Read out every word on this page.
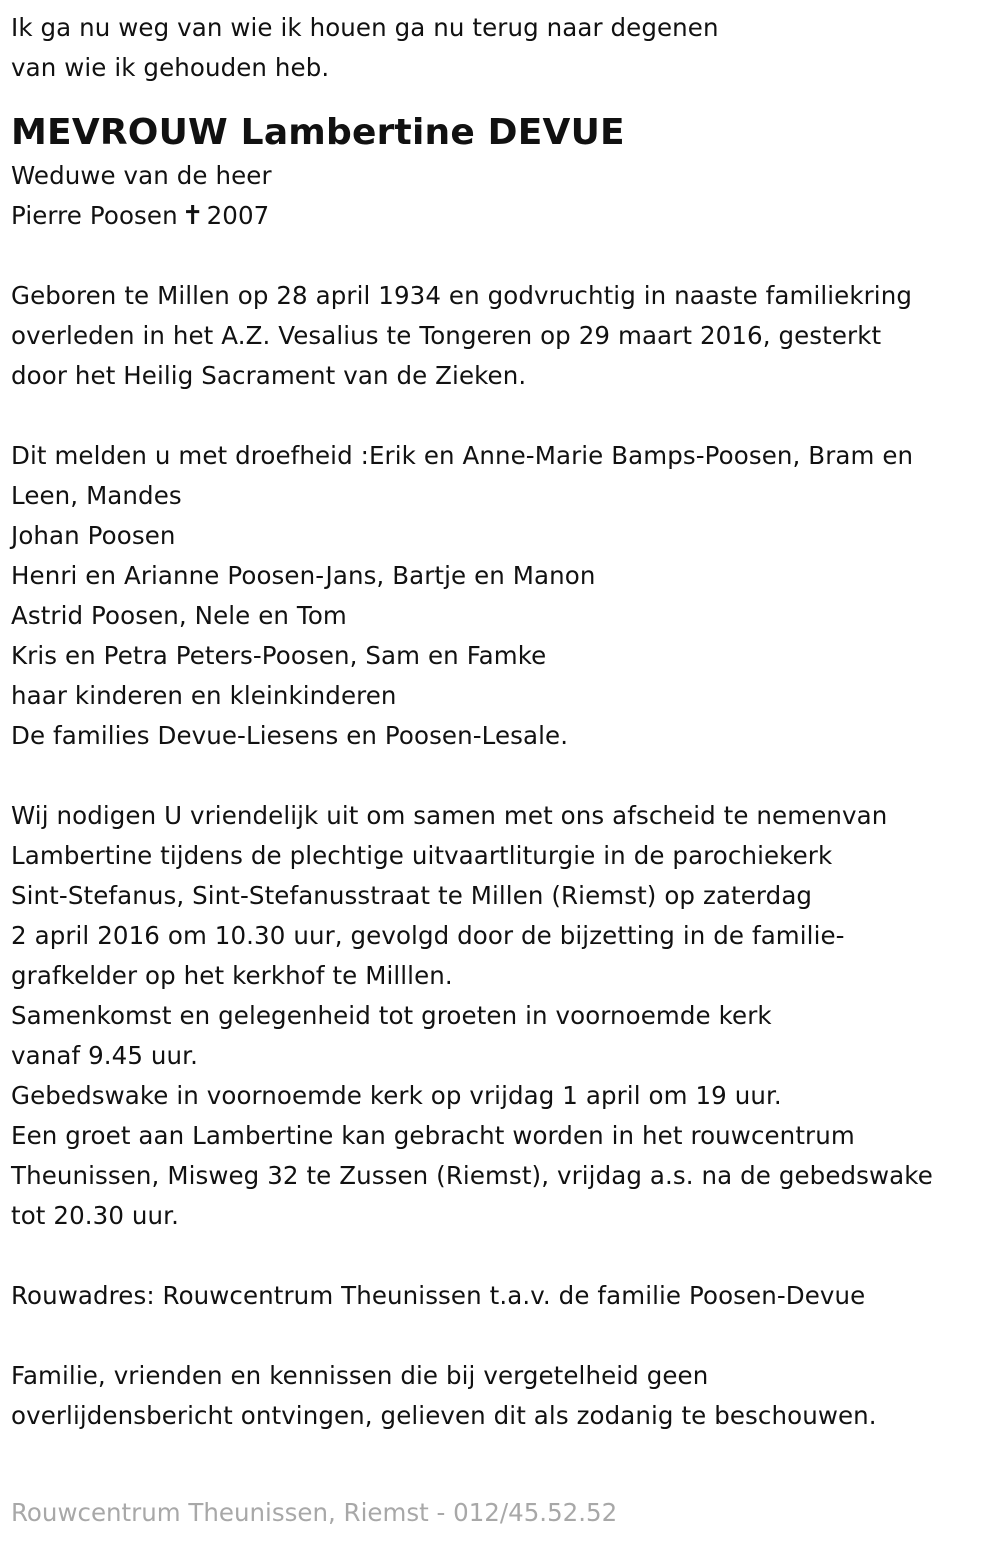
Ik ga nu weg van wie ik houen ga nu terug naar degenen
van wie ik gehouden heb.
MEVROUW Lambertine DEVUE
Weduwe van de heer
Pierre Poosen ✝ 2007
Geboren te Millen op 28 april 1934 en godvruchtig in naaste familiekring
overleden in het A.Z. Vesalius te Tongeren op 29 maart 2016, gesterkt
door het Heilig Sacrament van de Zieken.
Dit melden u met droefheid :Erik en Anne-Marie Bamps-Poosen, Bram en
Leen, Mandes
Johan Poosen
Henri en Arianne Poosen-Jans, Bartje en Manon
Astrid Poosen, Nele en Tom
Kris en Petra Peters-Poosen, Sam en Famke
haar kinderen en kleinkinderen
De families Devue-Liesens en Poosen-Lesale.
Wij nodigen U vriendelijk uit om samen met ons afscheid te nemenvan
Lambertine tijdens de plechtige uitvaartliturgie in de parochiekerk
Sint-Stefanus, Sint-Stefanusstraat te Millen (Riemst) op zaterdag
2 april 2016 om 10.30 uur, gevolgd door de bijzetting in de familie-
grafkelder op het kerkhof te Milllen.
Samenkomst en gelegenheid tot groeten in voornoemde kerk
vanaf 9.45 uur.
Gebedswake in voornoemde kerk op vrijdag 1 april om 19 uur.
Een groet aan Lambertine kan gebracht worden in het rouwcentrum
Theunissen, Misweg 32 te Zussen (Riemst), vrijdag a.s. na de gebedswake
tot 20.30 uur.
Rouwadres: Rouwcentrum Theunissen t.a.v. de familie Poosen-Devue
Familie, vrienden en kennissen die bij vergetelheid geen
overlijdensbericht ontvingen, gelieven dit als zodanig te beschouwen.
Rouwcentrum Theunissen, Riemst - 012/45.52.52
